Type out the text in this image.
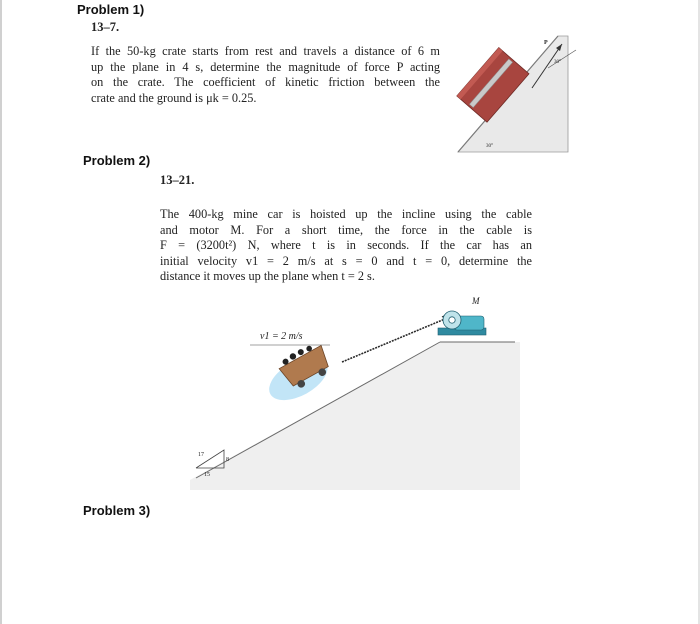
Problem 1)
13–7.
If the 50-kg crate starts from rest and travels a distance of 6 m
up the plane in 4 s, determine the magnitude of force P acting
on the crate. The coefficient of kinetic friction between the
crate and the ground is μk = 0.25.
P
30°
30°
Problem 2)
13–21.
The 400-kg mine car is hoisted up the incline using the cable
and motor M. For a short time, the force in the cable is
F = (3200t²) N, where t is in seconds. If the car has an
initial velocity v1 = 2 m/s at s = 0 and t = 0, determine the
distance it moves up the plane when t = 2 s.
M
v1 = 2 m/s
17
8
15
Problem 3)
